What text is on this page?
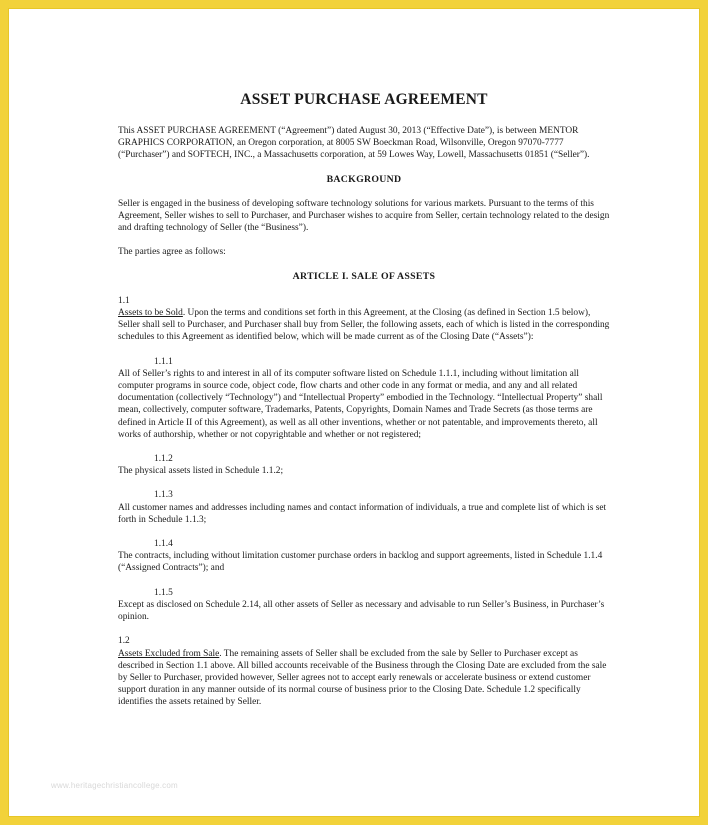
ASSET PURCHASE AGREEMENT

This ASSET PURCHASE AGREEMENT (“Agreement”) dated August 30, 2013 (“Effective Date”), is between MENTOR GRAPHICS CORPORATION, an Oregon corporation, at 8005 SW Boeckman Road, Wilsonville, Oregon 97070-7777 (“Purchaser”) and SOFTECH, INC., a Massachusetts corporation, at 59 Lowes Way, Lowell, Massachusetts 01851 (“Seller”).

BACKGROUND

Seller is engaged in the business of developing software technology solutions for various markets. Pursuant to the terms of this Agreement, Seller wishes to sell to Purchaser, and Purchaser wishes to acquire from Seller, certain technology related to the design and drafting technology of Seller (the “Business”).

The parties agree as follows:

ARTICLE I. SALE OF ASSETS

1.1

Assets to be Sold. Upon the terms and conditions set forth in this Agreement, at the Closing (as defined in Section 1.5 below), Seller shall sell to Purchaser, and Purchaser shall buy from Seller, the following assets, each of which is listed in the corresponding schedules to this Agreement as identified below, which will be made current as of the Closing Date (“Assets”):

1.1.1

All of Seller’s rights to and interest in all of its computer software listed on Schedule 1.1.1, including without limitation all computer programs in source code, object code, flow charts and other code in any format or media, and any and all related documentation (collectively “Technology”) and “Intellectual Property” embodied in the Technology. “Intellectual Property” shall mean, collectively, computer software, Trademarks, Patents, Copyrights, Domain Names and Trade Secrets (as those terms are defined in Article II of this Agreement), as well as all other inventions, whether or not patentable, and improvements thereto, all works of authorship, whether or not copyrightable and whether or not registered;

1.1.2

The physical assets listed in Schedule 1.1.2;

1.1.3

All customer names and addresses including names and contact information of individuals, a true and complete list of which is set forth in Schedule 1.1.3;

1.1.4

The contracts, including without limitation customer purchase orders in backlog and support agreements, listed in Schedule 1.1.4 (“Assigned Contracts”); and

1.1.5

Except as disclosed on Schedule 2.14, all other assets of Seller as necessary and advisable to run Seller’s Business, in Purchaser’s opinion.

1.2

Assets Excluded from Sale. The remaining assets of Seller shall be excluded from the sale by Seller to Purchaser except as described in Section 1.1 above. All billed accounts receivable of the Business through the Closing Date are excluded from the sale by Seller to Purchaser, provided however, Seller agrees not to accept early renewals or accelerate business or extend customer support duration in any manner outside of its normal course of business prior to the Closing Date. Schedule 1.2 specifically identifies the assets retained by Seller.

www.heritagechristiancollege.com
